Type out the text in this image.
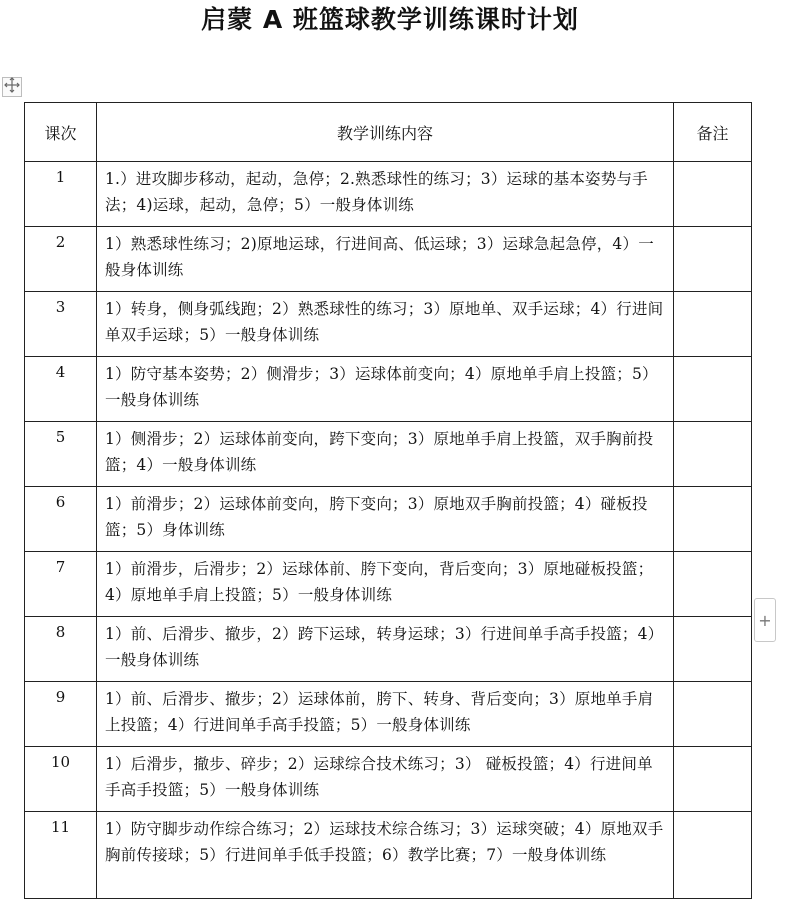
启蒙 A 班篮球教学训练课时计划
课次	教学训练内容	备注
1	1.）进攻脚步移动，起动，急停；2.熟悉球性的练习；3）运球的基本姿势与手法；4)运球，起动，急停；5）一般身体训练	
2	1）熟悉球性练习；2)原地运球，行进间高、低运球；3）运球急起急停，4）一般身体训练	
3	1）转身，侧身弧线跑；2）熟悉球性的练习；3）原地单、双手运球；4）行进间单双手运球；5）一般身体训练	
4	1）防守基本姿势；2）侧滑步；3）运球体前变向；4）原地单手肩上投篮；5）一般身体训练	
5	1）侧滑步；2）运球体前变向，跨下变向；3）原地单手肩上投篮，双手胸前投篮；4）一般身体训练	
6	1）前滑步；2）运球体前变向，胯下变向；3）原地双手胸前投篮；4）碰板投篮；5）身体训练	
7	1）前滑步，后滑步；2）运球体前、胯下变向，背后变向；3）原地碰板投篮；4）原地单手肩上投篮；5）一般身体训练	
8	1）前、后滑步、撤步，2）跨下运球，转身运球；3）行进间单手高手投篮；4）一般身体训练	
9	1）前、后滑步、撤步；2）运球体前，胯下、转身、背后变向；3）原地单手肩上投篮；4）行进间单手高手投篮；5）一般身体训练	
10	1）后滑步，撤步、碎步；2）运球综合技术练习；3） 碰板投篮；4）行进间单手高手投篮；5）一般身体训练	
11	1）防守脚步动作综合练习；2）运球技术综合练习；3）运球突破；4）原地双手胸前传接球；5）行进间单手低手投篮；6）教学比赛；7）一般身体训练	
+
